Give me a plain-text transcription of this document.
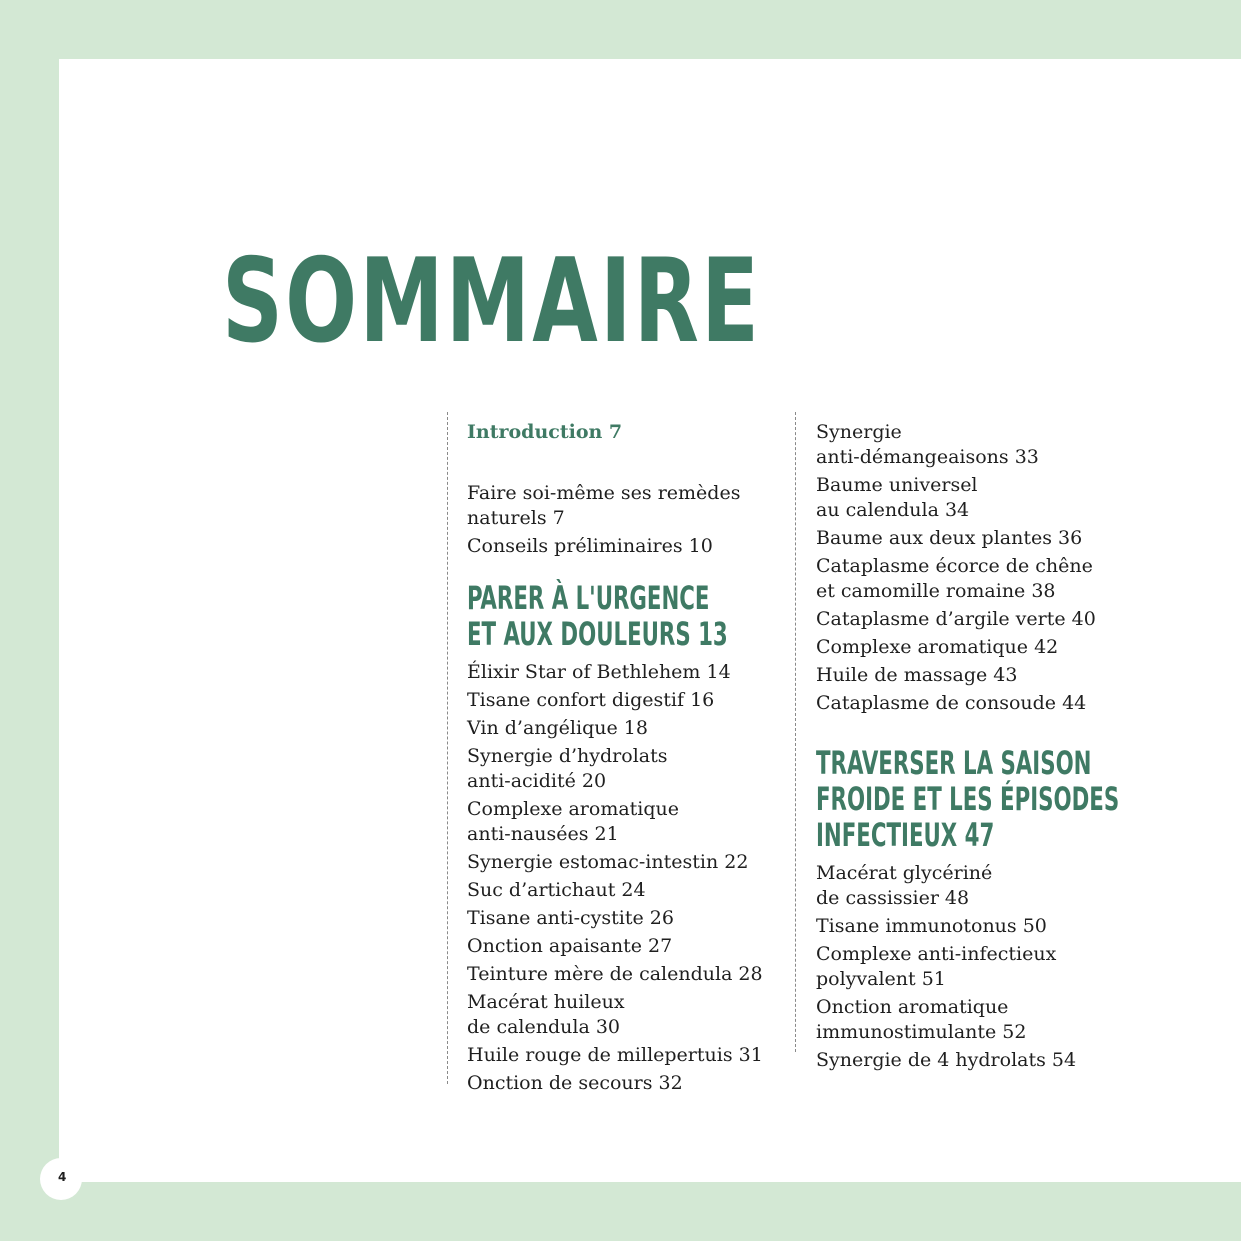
SOMMAIRE
Introduction 7
Faire soi-même ses remèdes
naturels 7
Conseils préliminaires 10
PARER À L'URGENCE
ET AUX DOULEURS 13
Élixir Star of Bethlehem 14
Tisane confort digestif 16
Vin d’angélique 18
Synergie d’hydrolats
anti-acidité 20
Complexe aromatique
anti-nausées 21
Synergie estomac-intestin 22
Suc d’artichaut 24
Tisane anti-cystite 26
Onction apaisante 27
Teinture mère de calendula 28
Macérat huileux
de calendula 30
Huile rouge de millepertuis 31
Onction de secours 32
Synergie
anti-démangeaisons 33
Baume universel
au calendula 34
Baume aux deux plantes 36
Cataplasme écorce de chêne
et camomille romaine 38
Cataplasme d’argile verte 40
Complexe aromatique 42
Huile de massage 43
Cataplasme de consoude 44
TRAVERSER LA SAISON
FROIDE ET LES ÉPISODES
INFECTIEUX 47
Macérat glycériné
de cassissier 48
Tisane immunotonus 50
Complexe anti-infectieux
polyvalent 51
Onction aromatique
immunostimulante 52
Synergie de 4 hydrolats 54
4
